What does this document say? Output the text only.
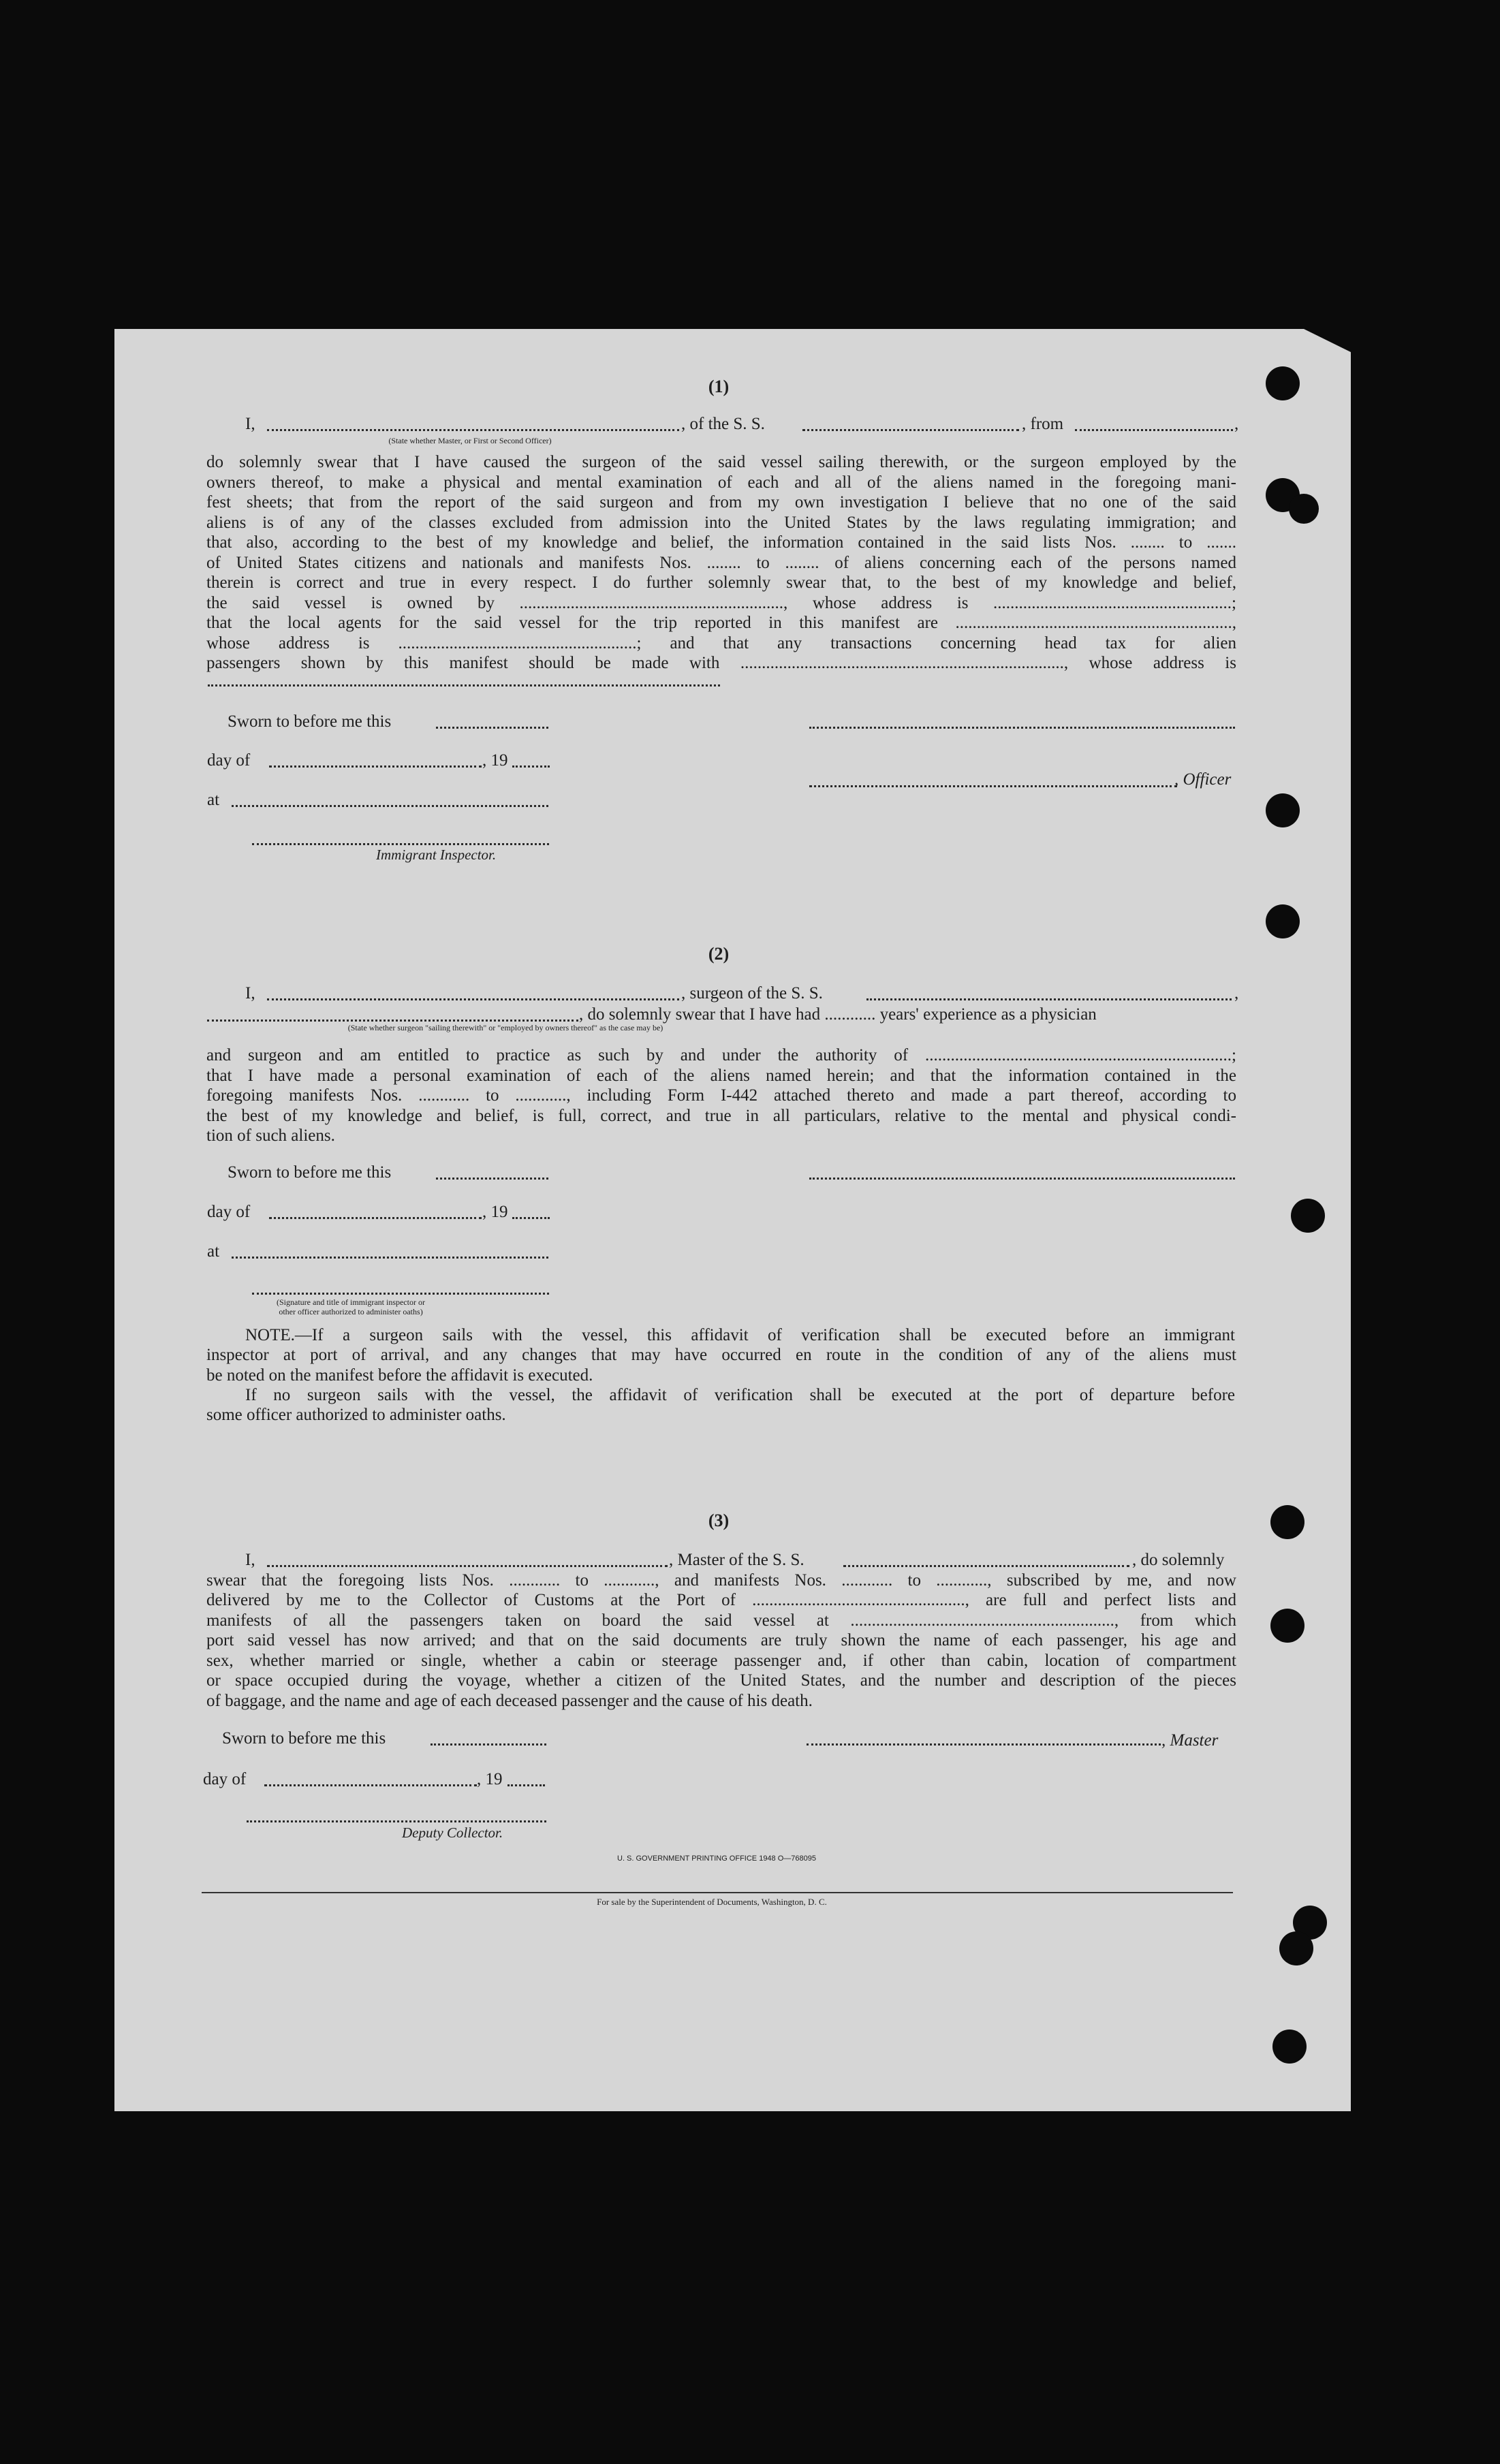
(1)
I,	, of the S. S.	, from	,
(State whether Master, or First or Second Officer)
do solemnly swear that I have caused the surgeon of the said vessel sailing therewith, or the surgeon employed by the
owners thereof, to make a physical and mental examination of each and all of the aliens named in the foregoing mani-
fest sheets; that from the report of the said surgeon and from my own investigation I believe that no one of the said
aliens is of any of the classes excluded from admission into the United States by the laws regulating immigration; and
that also, according to the best of my knowledge and belief, the information contained in the said lists Nos. ........ to .......
of United States citizens and nationals and manifests Nos. ........ to ........ of aliens concerning each of the persons named
therein is correct and true in every respect. I do further solemnly swear that, to the best of my knowledge and belief,
the said vessel is owned by .............................................................., whose address is ........................................................;
that the local agents for the said vessel for the trip reported in this manifest are .................................................................,
whose address is ........................................................; and that any transactions concerning head tax for alien
passengers shown by this manifest should be made with ............................................................................, whose address is
Sworn to before me this
day of	, 19
, Officer
at
Immigrant Inspector.
(2)
I,	, surgeon of the S. S.	,
, do solemnly swear that I have had ............ years' experience as a physician
(State whether surgeon "sailing therewith" or "employed by owners thereof" as the case may be)
and surgeon and am entitled to practice as such by and under the authority of ........................................................................;
that I have made a personal examination of each of the aliens named herein; and that the information contained in the
foregoing manifests Nos. ............ to ............, including Form I-442 attached thereto and made a part thereof, according to
the best of my knowledge and belief, is full, correct, and true in all particulars, relative to the mental and physical condi-
tion of such aliens.
Sworn to before me this
day of	, 19
at
(Signature and title of immigrant inspector or
other officer authorized to administer oaths)
NOTE.—If a surgeon sails with the vessel, this affidavit of verification shall be executed before an immigrant
inspector at port of arrival, and any changes that may have occurred en route in the condition of any of the aliens must
be noted on the manifest before the affidavit is executed.
If no surgeon sails with the vessel, the affidavit of verification shall be executed at the port of departure before
some officer authorized to administer oaths.
(3)
I,	, Master of the S. S.	, do solemnly
swear that the foregoing lists Nos. ............ to ............, and manifests Nos. ............ to ............, subscribed by me, and now
delivered by me to the Collector of Customs at the Port of .................................................., are full and perfect lists and
manifests of all the passengers taken on board the said vessel at .............................................................., from which
port said vessel has now arrived; and that on the said documents are truly shown the name of each passenger, his age and
sex, whether married or single, whether a cabin or steerage passenger and, if other than cabin, location of compartment
or space occupied during the voyage, whether a citizen of the United States, and the number and description of the pieces
of baggage, and the name and age of each deceased passenger and the cause of his death.
Sworn to before me this	, Master
day of	, 19
Deputy Collector.
U. S. GOVERNMENT PRINTING OFFICE 1948 O—768095
For sale by the Superintendent of Documents, Washington, D. C.
